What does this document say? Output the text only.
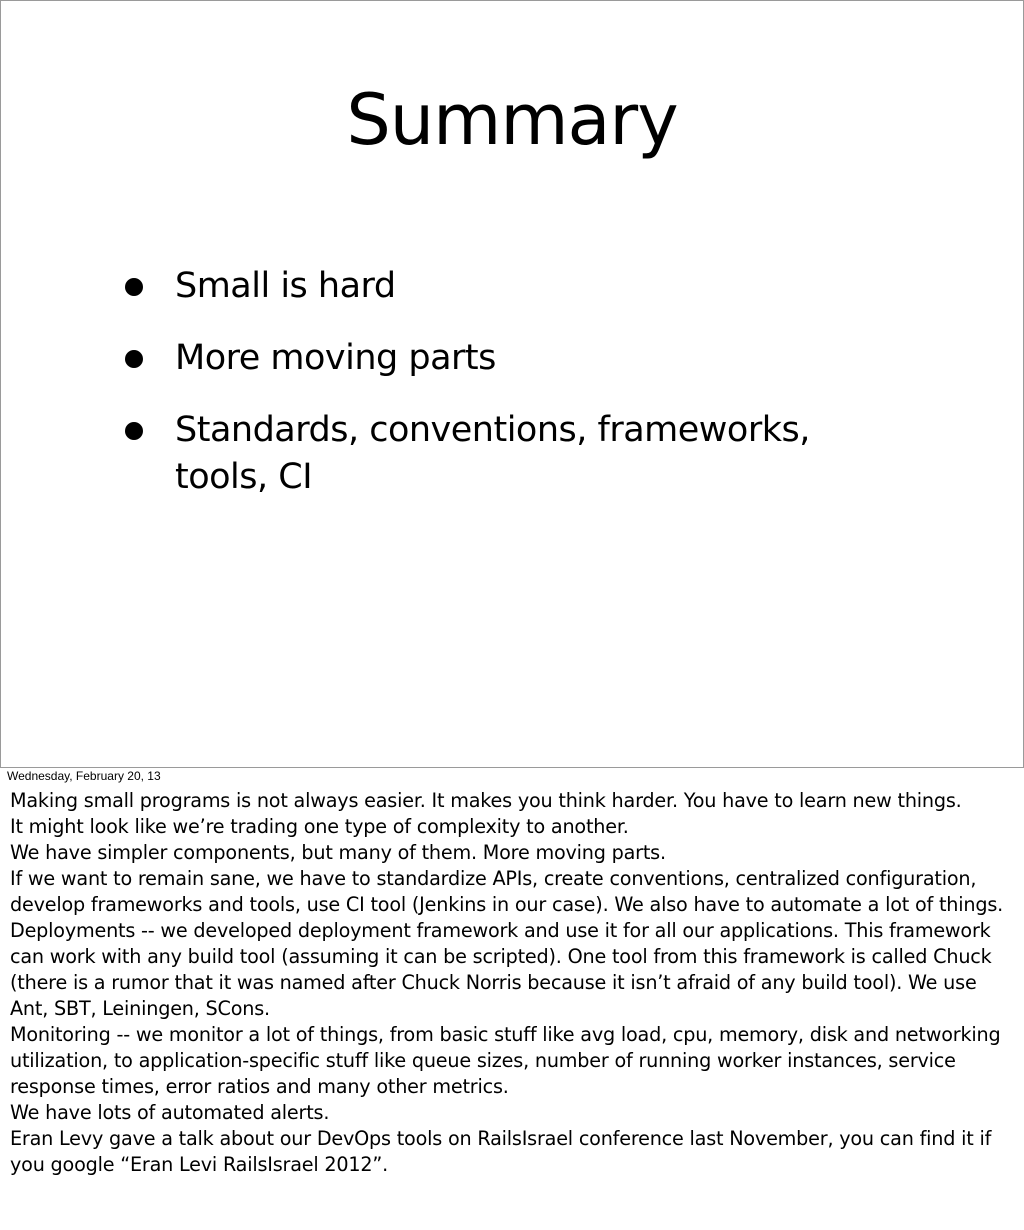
Summary
Small is hard
More moving parts
Standards, conventions, frameworks, tools, CI
Wednesday, February 20, 13

Making small programs is not always easier. It makes you think harder. You have to learn new things.

It might look like we’re trading one type of complexity to another.

We have simpler components, but many of them. More moving parts.

If we want to remain sane, we have to standardize APIs, create conventions, centralized configuration, develop frameworks and tools, use CI tool (Jenkins in our case). We also have to automate a lot of things.

Deployments -- we developed deployment framework and use it for all our applications. This framework can work with any build tool (assuming it can be scripted). One tool from this framework is called Chuck (there is a rumor that it was named after Chuck Norris because it isn’t afraid of any build tool). We use Ant, SBT, Leiningen, SCons.

Monitoring -- we monitor a lot of things, from basic stuff like avg load, cpu, memory, disk and networking utilization, to application-specific stuff like queue sizes, number of running worker instances, service response times, error ratios and many other metrics.

We have lots of automated alerts.

Eran Levy gave a talk about our DevOps tools on RailsIsrael conference last November, you can find it if you google “Eran Levi RailsIsrael 2012”.
